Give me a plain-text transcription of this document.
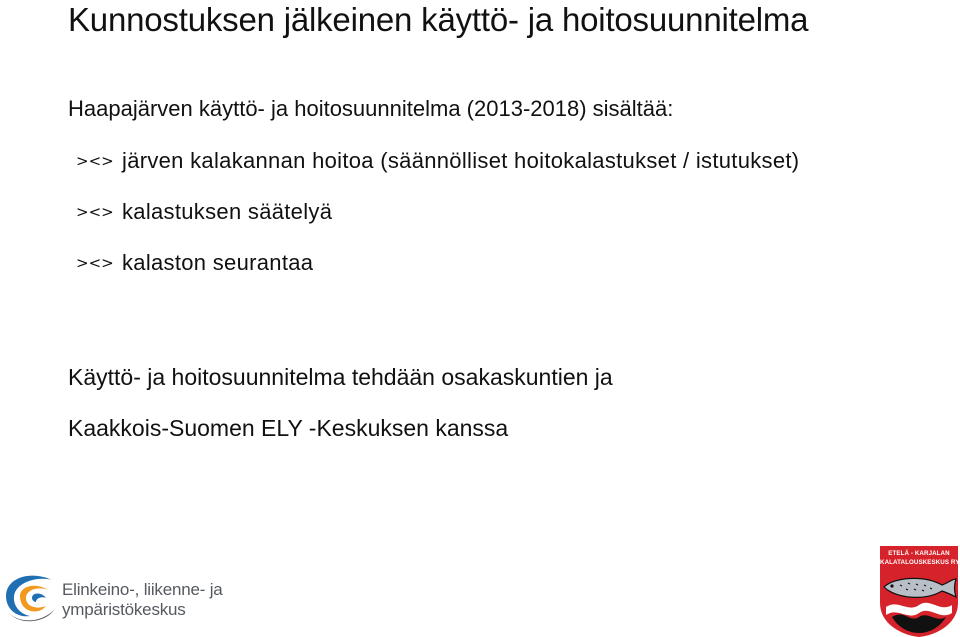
Kunnostuksen jälkeinen käyttö- ja hoitosuunnitelma
Haapajärven käyttö- ja hoitosuunnitelma (2013-2018) sisältää:
><> järven kalakannan hoitoa (säännölliset hoitokalastukset / istutukset)
><> kalastuksen säätelyä
><> kalaston seurantaa
Käyttö- ja hoitosuunnitelma tehdään osakaskuntien ja
Kaakkois-Suomen ELY -Keskuksen kanssa
Elinkeino-, liikenne- ja
ympäristökeskus
ETELÄ - KARJALAN
KALATALOUSKESKUS RY
